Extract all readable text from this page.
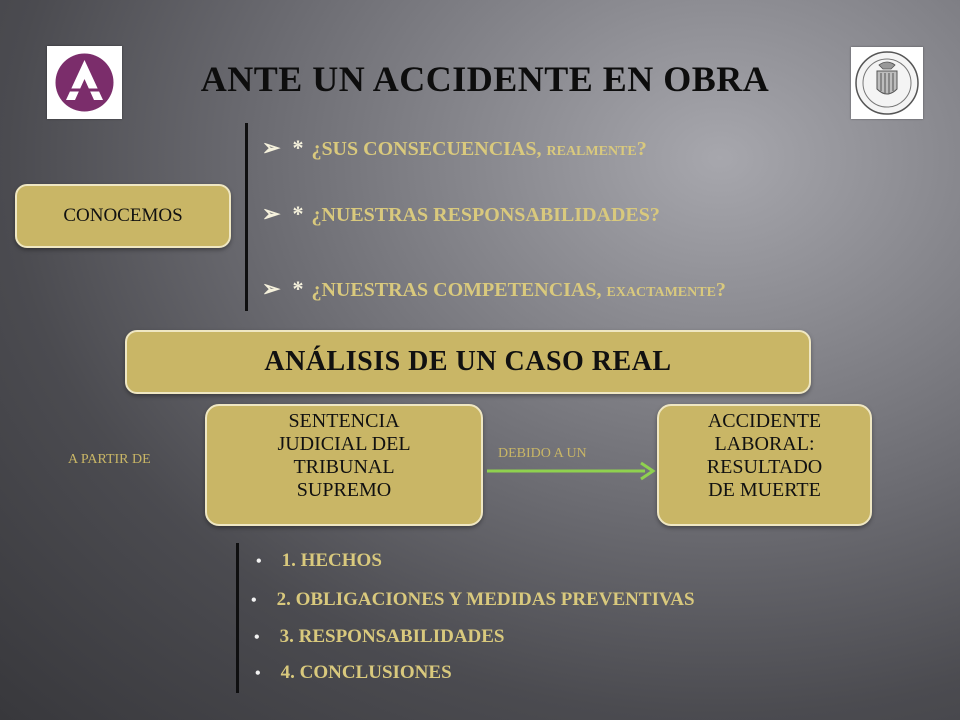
ANTE UN ACCIDENTE EN OBRA
CONOCEMOS
➢ * ¿SUS CONSECUENCIAS, REALMENTE?
➢ * ¿NUESTRAS RESPONSABILIDADES?
➢ * ¿NUESTRAS COMPETENCIAS, EXACTAMENTE?
ANÁLISIS DE UN CASO REAL
A PARTIR DE
SENTENCIA
JUDICIAL DEL
TRIBUNAL
SUPREMO
DEBIDO A UN
ACCIDENTE
LABORAL:
RESULTADO
DE MUERTE
• 1. HECHOS
• 2. OBLIGACIONES Y MEDIDAS PREVENTIVAS
• 3. RESPONSABILIDADES
• 4. CONCLUSIONES
